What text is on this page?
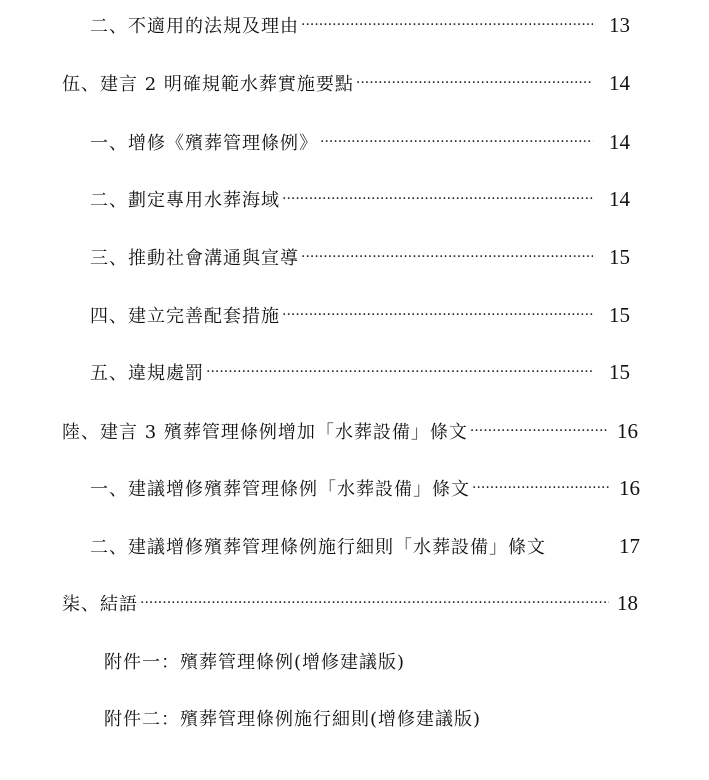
二、不適用的法規及理由 ·····	13
伍、建言 2 明確規範水葬實施要點 ·····	14
一、增修《殯葬管理條例》 ·····	14
二、劃定專用水葬海域 ·····	14
三、推動社會溝通與宣導 ·····	15
四、建立完善配套措施 ·····	15
五、違規處罰 ·····	15
陸、建言 3 殯葬管理條例增加「水葬設備」條文 ·····	16
一、建議增修殯葬管理條例「水葬設備」條文 ·····	16
二、建議增修殯葬管理條例施行細則「水葬設備」條文	17
柒、結語 ·····	18
附件一：殯葬管理條例(增修建議版)
附件二：殯葬管理條例施行細則(增修建議版)
